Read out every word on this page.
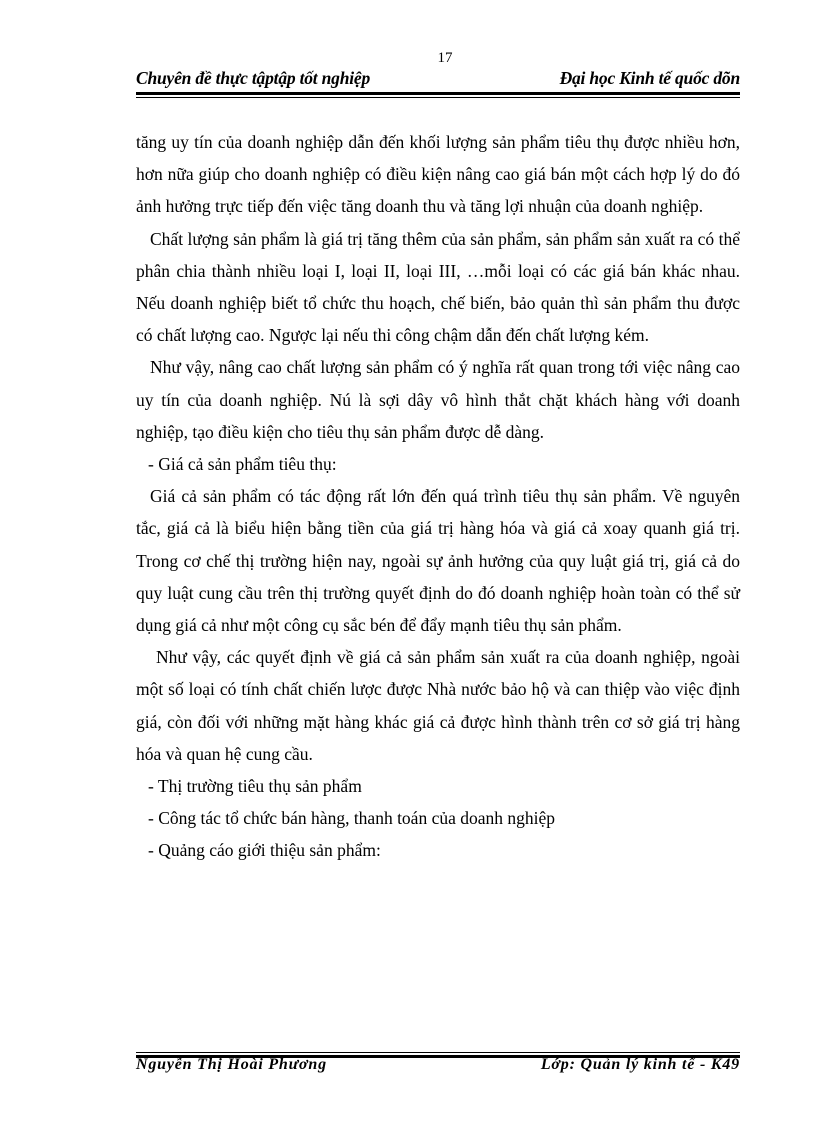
17
Chuyên đề thực tậptập tốt nghiệp	Đại học Kinh tế quốc dõn

tăng uy tín của doanh nghiệp dẫn đến khối lượng sản phẩm tiêu thụ được nhiều hơn, hơn nữa giúp cho doanh nghiệp có điều kiện nâng cao giá bán một cách hợp lý do đó ảnh hưởng trực tiếp đến việc tăng doanh thu và tăng lợi nhuận của doanh nghiệp.

Chất lượng sản phẩm là giá trị tăng thêm của sản phẩm, sản phẩm sản xuất ra có thể phân chia thành nhiều loại I, loại II, loại III, …mỗi loại có các giá bán khác nhau. Nếu doanh nghiệp biết tổ chức thu hoạch, chế biến, bảo quản thì sản phẩm thu được có chất lượng cao. Ngược lại nếu thi công chậm dẫn đến chất lượng kém.

Như vậy, nâng cao chất lượng sản phẩm có ý nghĩa rất quan trong tới việc nâng cao uy tín của doanh nghiệp. Nú là sợi dây vô hình thắt chặt khách hàng với doanh nghiệp, tạo điều kiện cho tiêu thụ sản phẩm được dễ dàng.

- Giá cả sản phẩm tiêu thụ:

Giá cả sản phẩm có tác động rất lớn đến quá trình tiêu thụ sản phẩm. Về nguyên tắc, giá cả là biểu hiện bằng tiền của giá trị hàng hóa và giá cả xoay quanh giá trị. Trong cơ chế thị trường hiện nay, ngoài sự ảnh hưởng của quy luật giá trị, giá cả do quy luật cung cầu trên thị trường quyết định do đó doanh nghiệp hoàn toàn có thể sử dụng giá cả như một công cụ sắc bén để đẩy mạnh tiêu thụ sản phẩm.

Như vậy, các quyết định về giá cả sản phẩm sản xuất ra của doanh nghiệp, ngoài một số loại có tính chất chiến lược được Nhà nước bảo hộ và can thiệp vào việc định giá, còn đối với những mặt hàng khác giá cả được hình thành trên cơ sở giá trị hàng hóa và quan hệ cung cầu.

- Thị trường tiêu thụ sản phẩm

- Công tác tổ chức bán hàng, thanh toán của doanh nghiệp

- Quảng cáo giới thiệu sản phẩm:

Nguyễn Thị Hoài Phương	Lớp: Quản lý kinh tế - K49
